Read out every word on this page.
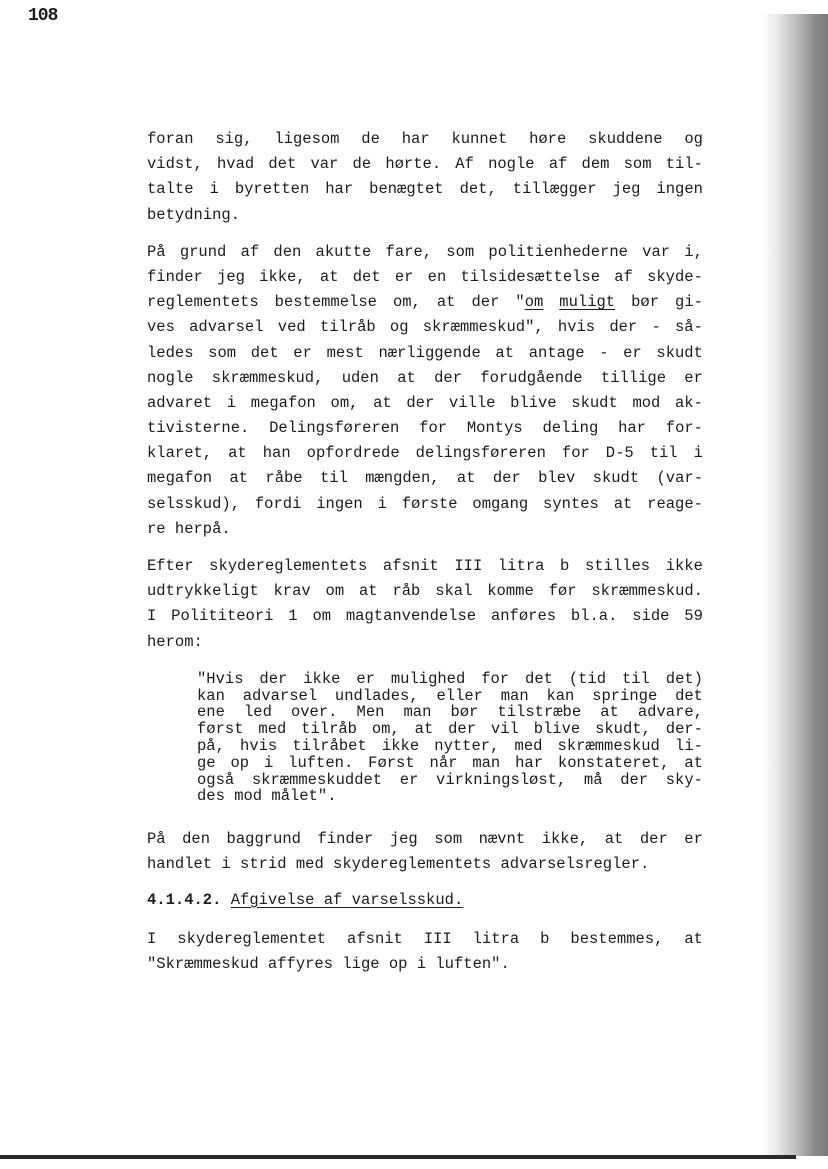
108
foran sig, ligesom de har kunnet høre skuddene og
vidst, hvad det var de hørte. Af nogle af dem som til-
talte i byretten har benægtet det, tillægger jeg ingen
betydning.
På grund af den akutte fare, som politienhederne var i,
finder jeg ikke, at det er en tilsidesættelse af skyde-
reglementets bestemmelse om, at der "om muligt bør gi-
ves advarsel ved tilråb og skræmmeskud", hvis der - så-
ledes som det er mest nærliggende at antage - er skudt
nogle skræmmeskud, uden at der forudgående tillige er
advaret i megafon om, at der ville blive skudt mod ak-
tivisterne. Delingsføreren for Montys deling har for-
klaret, at han opfordrede delingsføreren for D-5 til i
megafon at råbe til mængden, at der blev skudt (var-
selsskud), fordi ingen i første omgang syntes at reage-
re herpå.
Efter skydereglementets afsnit III litra b stilles ikke
udtrykkeligt krav om at råb skal komme før skræmmeskud.
I Polititeori 1 om magtanvendelse anføres bl.a. side 59
herom:
"Hvis der ikke er mulighed for det (tid til det)
kan advarsel undlades, eller man kan springe det
ene led over. Men man bør tilstræbe at advare,
først med tilråb om, at der vil blive skudt, der-
på, hvis tilråbet ikke nytter, med skræmmeskud li-
ge op i luften. Først når man har konstateret, at
også skræmmeskuddet er virkningsløst, må der sky-
des mod målet".
På den baggrund finder jeg som nævnt ikke, at der er
handlet i strid med skydereglementets advarselsregler.
4.1.4.2. Afgivelse af varselsskud.
I skydereglementet afsnit III litra b bestemmes, at
"Skræmmeskud affyres lige op i luften".
